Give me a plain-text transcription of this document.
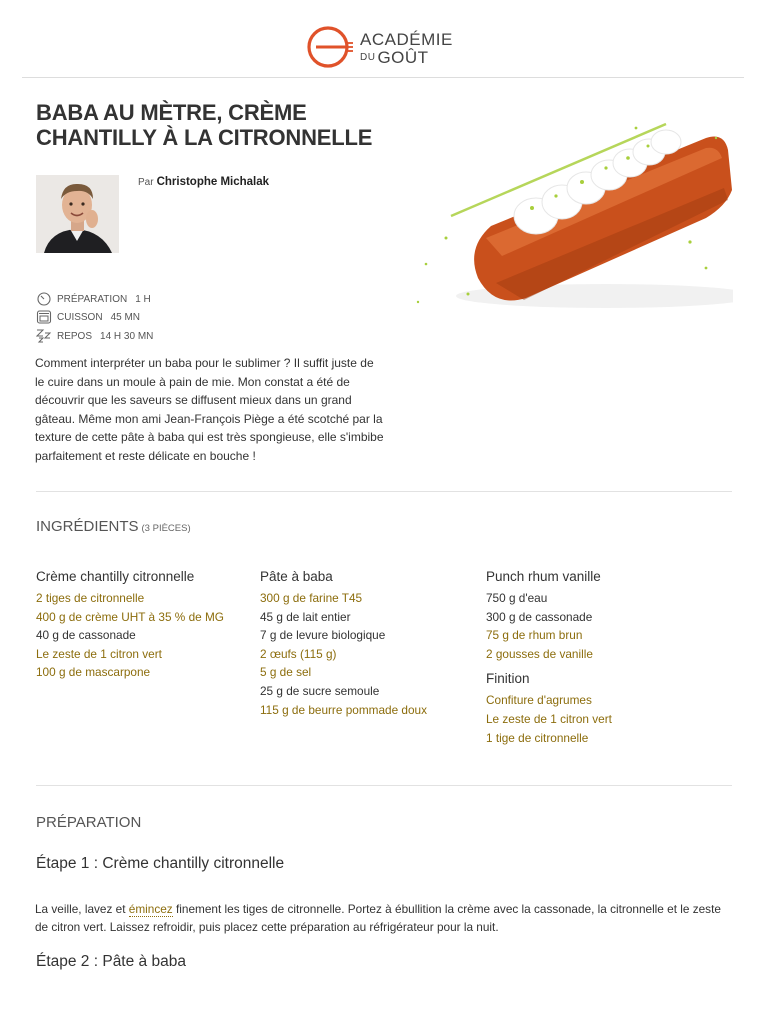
ACADÉMIE
DU GOÛT
BABA AU MÈTRE, CRÈME CHANTILLY À LA CITRONNELLE
Par Christophe Michalak
PRÉPARATION 1 H
CUISSON 45 MN
REPOS 14 H 30 MN
Comment interpréter un baba pour le sublimer ? Il suffit juste de le cuire dans un moule à pain de mie. Mon constat a été de découvrir que les saveurs se diffusent mieux dans un grand gâteau. Même mon ami Jean-François Piège a été scotché par la texture de cette pâte à baba qui est très spongieuse, elle s'imbibe parfaitement et reste délicate en bouche !
INGRÉDIENTS (3 PIÈCES)
Crème chantilly citronnelle
2 tiges de citronnelle
400 g de crème UHT à 35 % de MG
40 g de cassonade
Le zeste de 1 citron vert
100 g de mascarpone
Pâte à baba
300 g de farine T45
45 g de lait entier
7 g de levure biologique
2 œufs (115 g)
5 g de sel
25 g de sucre semoule
115 g de beurre pommade doux
Punch rhum vanille
750 g d'eau
300 g de cassonade
75 g de rhum brun
2 gousses de vanille
Finition
Confiture d'agrumes
Le zeste de 1 citron vert
1 tige de citronnelle
PRÉPARATION
Étape 1 : Crème chantilly citronnelle
La veille, lavez et émincez finement les tiges de citronnelle. Portez à ébullition la crème avec la cassonade, la citronnelle et le zeste de citron vert. Laissez refroidir, puis placez cette préparation au réfrigérateur pour la nuit.
Étape 2 : Pâte à baba
